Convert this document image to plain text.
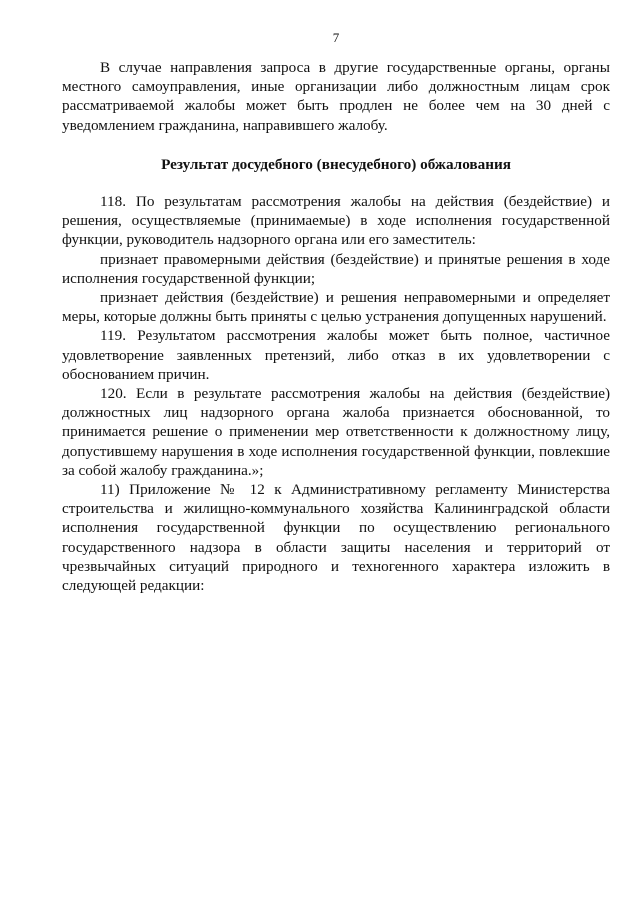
7

В случае направления запроса в другие государственные органы, органы местного самоуправления, иные организации либо должностным лицам срок рассматриваемой жалобы может быть продлен не более чем на 30 дней с уведомлением гражданина, направившего жалобу.

Результат досудебного (внесудебного) обжалования

118. По результатам рассмотрения жалобы на действия (бездействие) и решения, осуществляемые (принимаемые) в ходе исполнения государственной функции, руководитель надзорного органа или его заместитель:

признает правомерными действия (бездействие) и принятые решения в ходе исполнения государственной функции;

признает действия (бездействие) и решения неправомерными и определяет меры, которые должны быть приняты с целью устранения допущенных нарушений.

119. Результатом рассмотрения жалобы может быть полное, частичное удовлетворение заявленных претензий, либо отказ в их удовлетворении с обоснованием причин.

120. Если в результате рассмотрения жалобы на действия (бездействие) должностных лиц надзорного органа жалоба признается обоснованной, то принимается решение о применении мер ответственности к должностному лицу, допустившему нарушения в ходе исполнения государственной функции, повлекшие за собой жалобу гражданина.»;

11) Приложение № 12 к Административному регламенту Министерства строительства и жилищно-коммунального хозяйства Калининградской области исполнения государственной функции по осуществлению регионального государственного надзора в области защиты населения и территорий от чрезвычайных ситуаций природного и техногенного характера изложить в следующей редакции:
